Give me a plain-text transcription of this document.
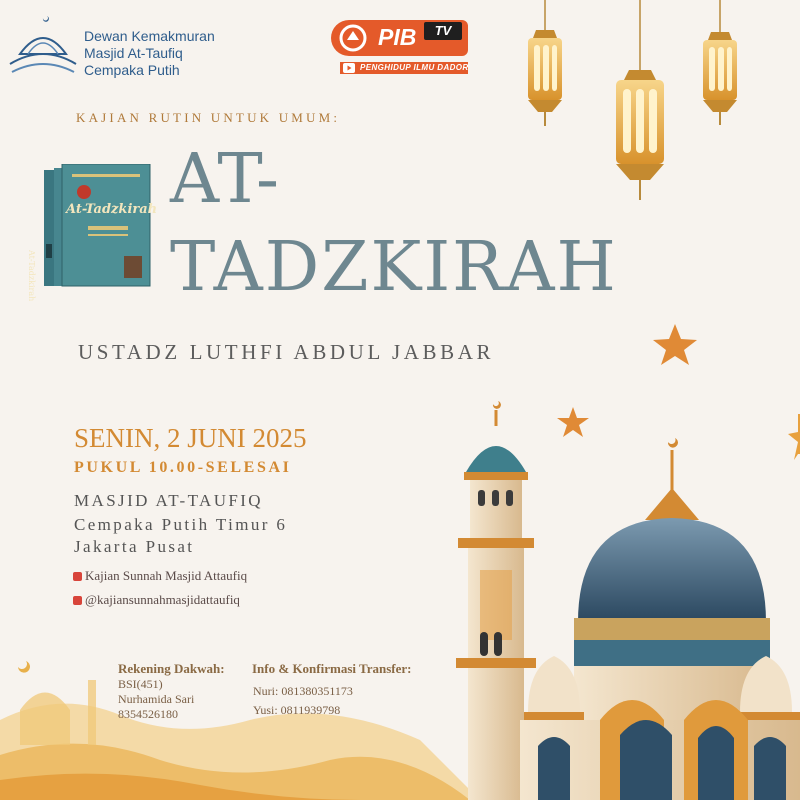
Dewan Kemakmuran
Masjid At-Taufiq
Cempaka Putih
PIB	TV
PENGHIDUP ILMU DADOR
At-Tadzkirah
At-Tadzkirah
KAJIAN RUTIN UNTUK UMUM:
AT-
TADZKIRAH
USTADZ LUTHFI ABDUL JABBAR
SENIN, 2 JUNI 2025
PUKUL 10.00-SELESAI
MASJID AT-TAUFIQ
Cempaka Putih Timur 6
Jakarta Pusat
Kajian Sunnah Masjid Attaufiq
@kajiansunnahmasjidattaufiq
Rekening Dakwah:
BSI(451)
Nurhamida Sari
8354526180
Info & Konfirmasi Transfer:
Nuri: 081380351173
Yusi: 0811939798
